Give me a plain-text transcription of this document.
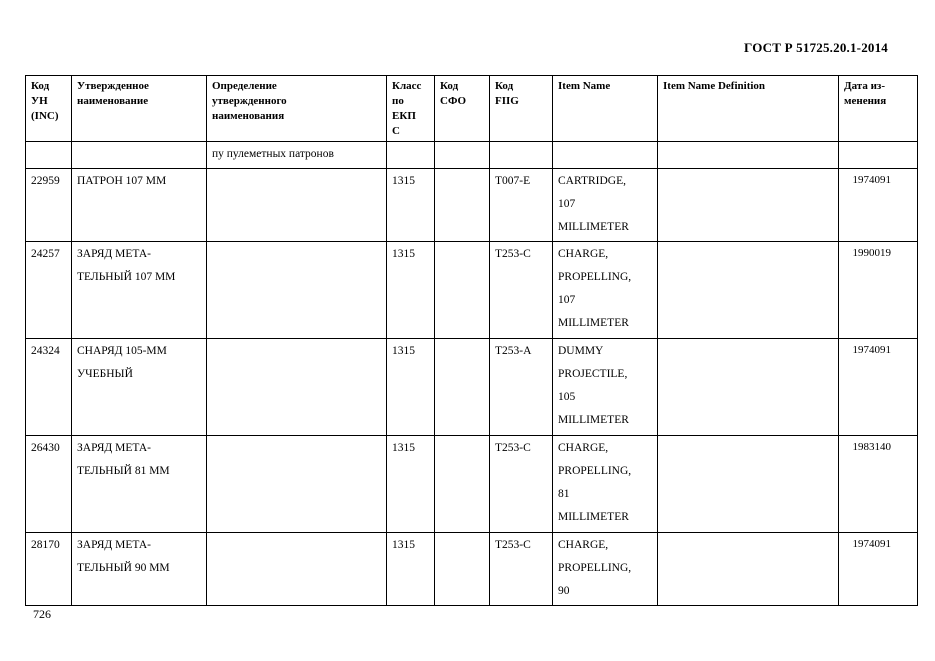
ГОСТ Р 51725.20.1-2014
Код
УН
(INC)	Утвержденное
наименование	Определение
утвержденного
наименования	Класс
по
ЕКП
С	Код
СФО	Код
FIIG	Item Name	Item Name Definition	Дата из-
менения

		пу пулеметных патронов						
22959	ПАТРОН 107 ММ		1315		T007-E	CARTRIDGE,
107
MILLIMETER		1974091
24257	ЗАРЯД МЕТА-
ТЕЛЬНЫЙ 107 ММ		1315		T253-C	CHARGE,
PROPELLING,
107
MILLIMETER		1990019
24324	СНАРЯД 105-ММ
УЧЕБНЫЙ		1315		T253-A	DUMMY
PROJECTILE,
105
MILLIMETER		1974091
26430	ЗАРЯД МЕТА-
ТЕЛЬНЫЙ 81 ММ		1315		T253-C	CHARGE,
PROPELLING,
81
MILLIMETER		1983140
28170	ЗАРЯД МЕТА-
ТЕЛЬНЫЙ 90 ММ		1315		T253-C	CHARGE,
PROPELLING,
90		1974091
726
